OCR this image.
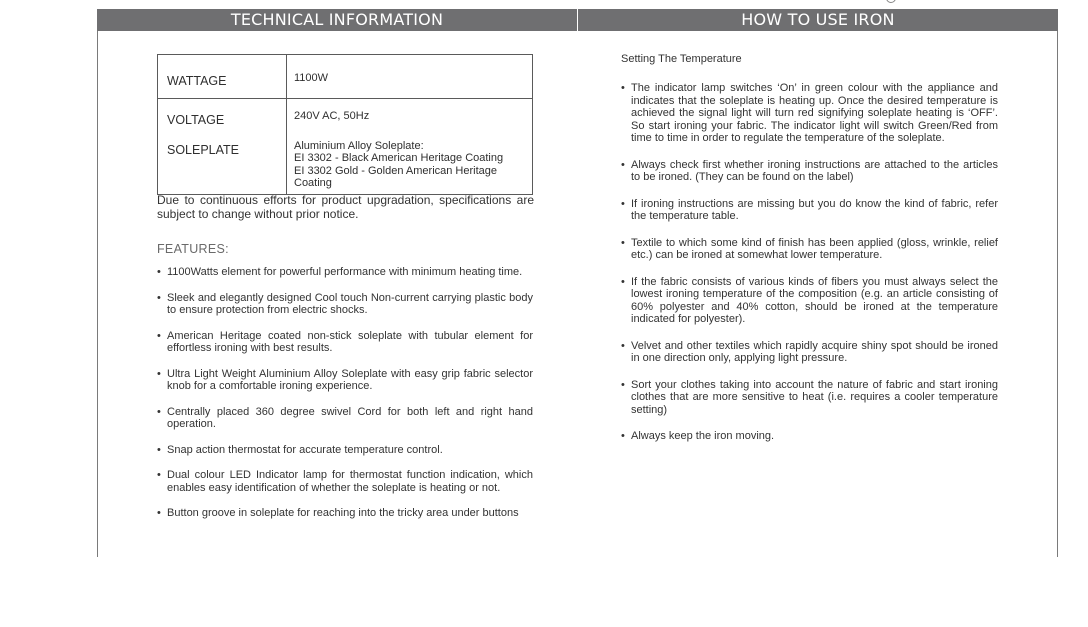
TECHNICAL INFORMATION
WATTAGE	1100W
VOLTAGE	240V AC, 50Hz
SOLEPLATE	Aluminium Alloy Soleplate:
EI 3302 - Black American Heritage Coating
EI 3302 Gold - Golden American Heritage Coating

Due to continuous efforts for product upgradation, specifications are subject to change without prior notice.

FEATURES:
• 1100Watts element for powerful performance with minimum heating time.
• Sleek and elegantly designed Cool touch Non-current carrying plastic body to ensure protection from electric shocks.
• American Heritage coated non-stick soleplate with tubular element for effortless ironing with best results.
• Ultra Light Weight Aluminium Alloy Soleplate with easy grip fabric selector knob for a comfortable ironing experience.
• Centrally placed 360 degree swivel Cord for both left and right hand operation.
• Snap action thermostat for accurate temperature control.
• Dual colour LED Indicator lamp for thermostat function indication, which enables easy identification of whether the soleplate is heating or not.
• Button groove in soleplate for reaching into the tricky area under buttons
HOW TO USE IRON
Setting The Temperature
• The indicator lamp switches ‘On’ in green colour with the appliance and indicates that the soleplate is heating up. Once the desired temperature is achieved the signal light will turn red signifying soleplate heating is ‘OFF’. So start ironing your fabric. The indicator light will switch Green/Red from time to time in order to regulate the temperature of the soleplate.
• Always check first whether ironing instructions are attached to the articles to be ironed. (They can be found on the label)
• If ironing instructions are missing but you do know the kind of fabric, refer the temperature table.
• Textile to which some kind of finish has been applied (gloss, wrinkle, relief etc.) can be ironed at somewhat lower temperature.
• If the fabric consists of various kinds of fibers you must always select the lowest ironing temperature of the composition (e.g. an article consisting of 60% polyester and 40% cotton, should be ironed at the temperature indicated for polyester).
• Velvet and other textiles which rapidly acquire shiny spot should be ironed in one direction only, applying light pressure.
• Sort your clothes taking into account the nature of fabric and start ironing clothes that are more sensitive to heat (i.e. requires a cooler temperature setting)
• Always keep the iron moving.
